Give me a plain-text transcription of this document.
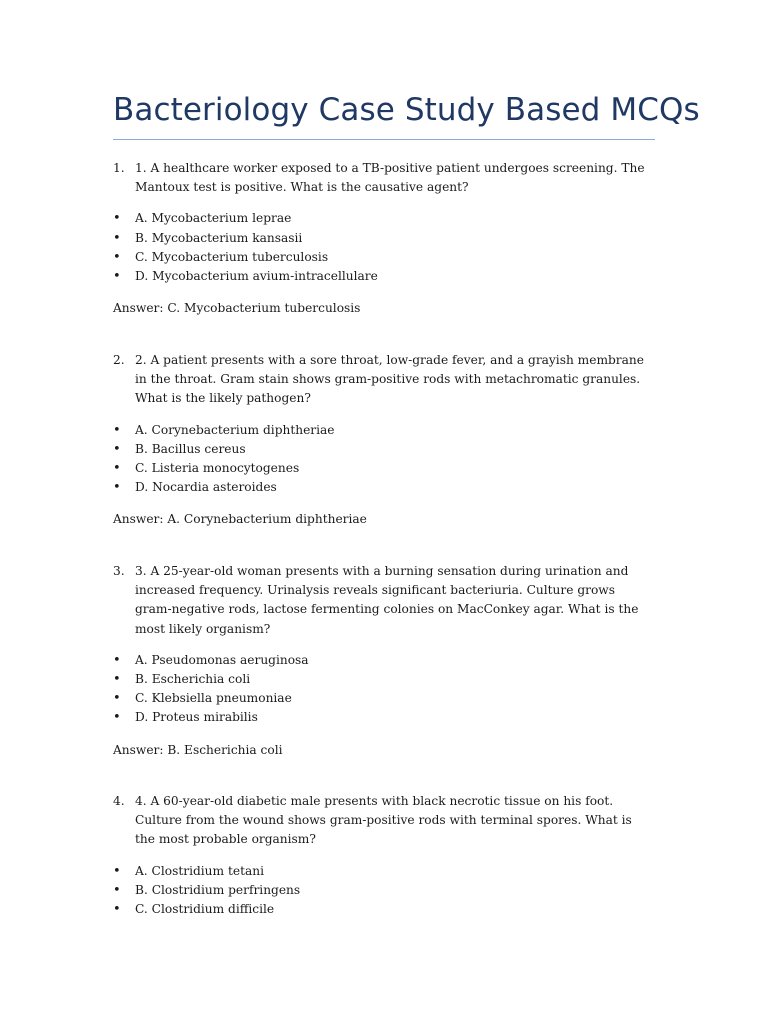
Bacteriology Case Study Based MCQs
1. 1. A healthcare worker exposed to a TB-positive patient undergoes screening. The Mantoux test is positive. What is the causative agent?
• A. Mycobacterium leprae
• B. Mycobacterium kansasii
• C. Mycobacterium tuberculosis
• D. Mycobacterium avium-intracellulare
Answer: C. Mycobacterium tuberculosis
2. 2. A patient presents with a sore throat, low-grade fever, and a grayish membrane in the throat. Gram stain shows gram-positive rods with metachromatic granules. What is the likely pathogen?
• A. Corynebacterium diphtheriae
• B. Bacillus cereus
• C. Listeria monocytogenes
• D. Nocardia asteroides
Answer: A. Corynebacterium diphtheriae
3. 3. A 25-year-old woman presents with a burning sensation during urination and increased frequency. Urinalysis reveals significant bacteriuria. Culture grows gram-negative rods, lactose fermenting colonies on MacConkey agar. What is the most likely organism?
• A. Pseudomonas aeruginosa
• B. Escherichia coli
• C. Klebsiella pneumoniae
• D. Proteus mirabilis
Answer: B. Escherichia coli
4. 4. A 60-year-old diabetic male presents with black necrotic tissue on his foot. Culture from the wound shows gram-positive rods with terminal spores. What is the most probable organism?
• A. Clostridium tetani
• B. Clostridium perfringens
• C. Clostridium difficile
